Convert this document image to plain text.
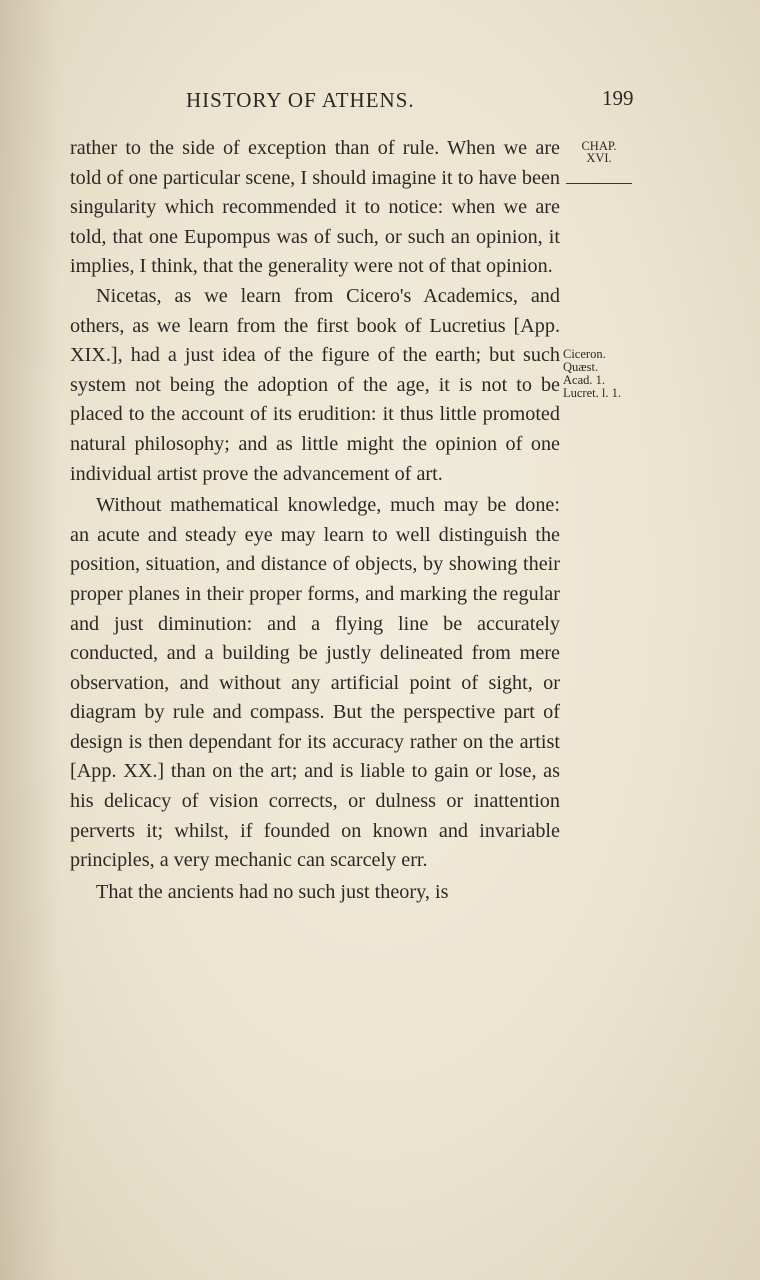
HISTORY OF ATHENS.	199
CHAP.
XVI.
Ciceron.
Quæst.
Acad. 1.
Lucret. l. 1.

rather to the side of exception than of rule. When we are told of one particular scene, I should imagine it to have been singularity which recommended it to notice: when we are told, that one Eupompus was of such, or such an opinion, it implies, I think, that the generality were not of that opinion.

Nicetas, as we learn from Cicero's Academics, and others, as we learn from the first book of Lucretius [App. XIX.], had a just idea of the figure of the earth; but such system not being the adoption of the age, it is not to be placed to the account of its erudition: it thus little promoted natural philosophy; and as little might the opinion of one individual artist prove the advancement of art.

Without mathematical knowledge, much may be done: an acute and steady eye may learn to well distinguish the position, situation, and distance of objects, by showing their proper planes in their proper forms, and marking the regular and just diminution: and a flying line be accurately conducted, and a building be justly delineated from mere observation, and without any artificial point of sight, or diagram by rule and compass. But the perspective part of design is then dependant for its accuracy rather on the artist [App. XX.] than on the art; and is liable to gain or lose, as his delicacy of vision corrects, or dulness or inattention perverts it; whilst, if founded on known and invariable principles, a very mechanic can scarcely err.

That the ancients had no such just theory, is
